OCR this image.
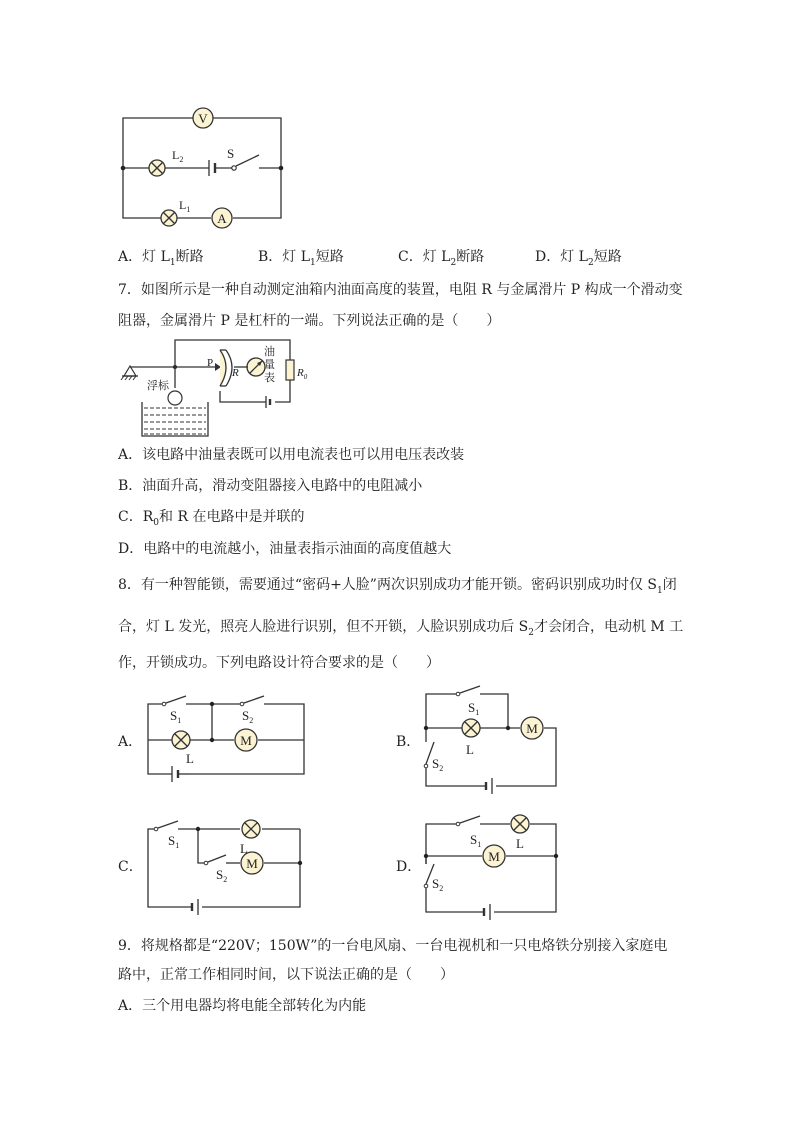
V
$L_2$	S
$L_1$
A
A．灯 $L_1$断路	B．灯 $L_1$短路	C．灯 $L_2$断路	D．灯 $L_2$短路
7．如图所示是一种自动测定油箱内油面高度的装置，电阻 R 与金属滑片 P 构成一个滑动变
阻器，金属滑片 P 是杠杆的一端。下列说法正确的是（　　）
浮标
P
R
油
量
表 $R_0$
A．该电路中油量表既可以用电流表也可以用电压表改装
B．油面升高，滑动变阻器接入电路中的电阻减小
C．$R_0$和 R 在电路中是并联的
D．电路中的电流越小，油量表指示油面的高度值越大
8．有一种智能锁，需要通过“密码+人脸”两次识别成功才能开锁。密码识别成功时仅 $S_1$闭
合，灯 L 发光，照亮人脸进行识别，但不开锁，人脸识别成功后 $S_2$才会闭合，电动机 M 工
作，开锁成功。下列电路设计符合要求的是（　　）
A．	M
$S_1$	$S_2$
L
B．
M
$S_1$
L
$S_2$
C．	M
$S_1$	L
$S_2$
D．
M
$S_1$	L
$S_2$
9．将规格都是“220V；150W”的一台电风扇、一台电视机和一只电烙铁分别接入家庭电
路中，正常工作相同时间，以下说法正确的是（　　）
A．三个用电器均将电能全部转化为内能
